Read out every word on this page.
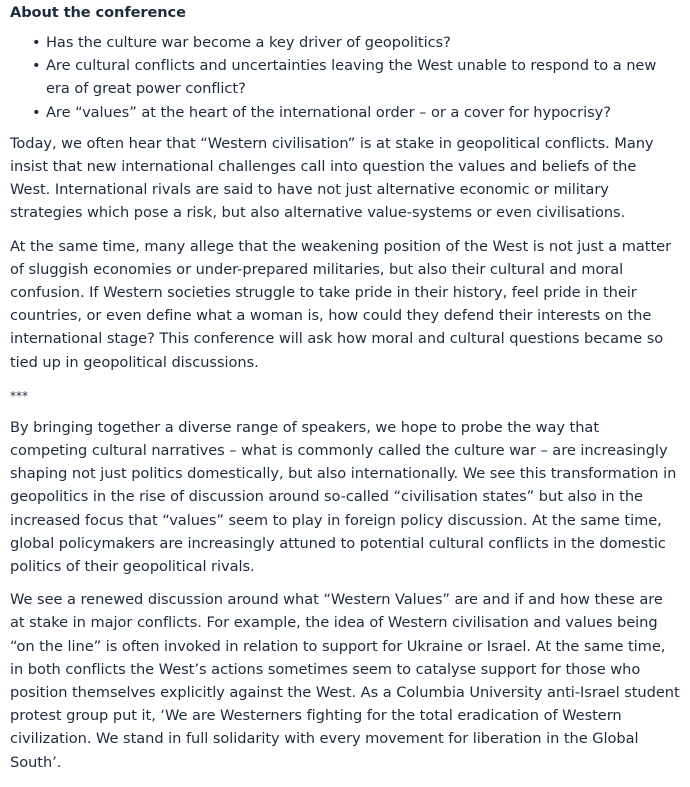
About the conference
• Has the culture war become a key driver of geopolitics?
• Are cultural conflicts and uncertainties leaving the West unable to respond to a new era of great power conflict?
• Are “values” at the heart of the international order – or a cover for hypocrisy?

Today, we often hear that “Western civilisation” is at stake in geopolitical conflicts. Many insist that new international challenges call into question the values and beliefs of the West. International rivals are said to have not just alternative economic or military strategies which pose a risk, but also alternative value-systems or even civilisations.

At the same time, many allege that the weakening position of the West is not just a matter of sluggish economies or under-prepared militaries, but also their cultural and moral confusion. If Western societies struggle to take pride in their history, feel pride in their countries, or even define what a woman is, how could they defend their interests on the international stage? This conference will ask how moral and cultural questions became so tied up in geopolitical discussions.

***

By bringing together a diverse range of speakers, we hope to probe the way that competing cultural narratives – what is commonly called the culture war – are increasingly shaping not just politics domestically, but also internationally. We see this transformation in geopolitics in the rise of discussion around so-called “civilisation states” but also in the increased focus that “values” seem to play in foreign policy discussion. At the same time, global policymakers are increasingly attuned to potential cultural conflicts in the domestic politics of their geopolitical rivals.

We see a renewed discussion around what “Western Values” are and if and how these are at stake in major conflicts. For example, the idea of Western civilisation and values being “on the line” is often invoked in relation to support for Ukraine or Israel. At the same time, in both conflicts the West’s actions sometimes seem to catalyse support for those who position themselves explicitly against the West. As a Columbia University anti-Israel student protest group put it, ‘We are Westerners fighting for the total eradication of Western civilization. We stand in full solidarity with every movement for liberation in the Global South’.
